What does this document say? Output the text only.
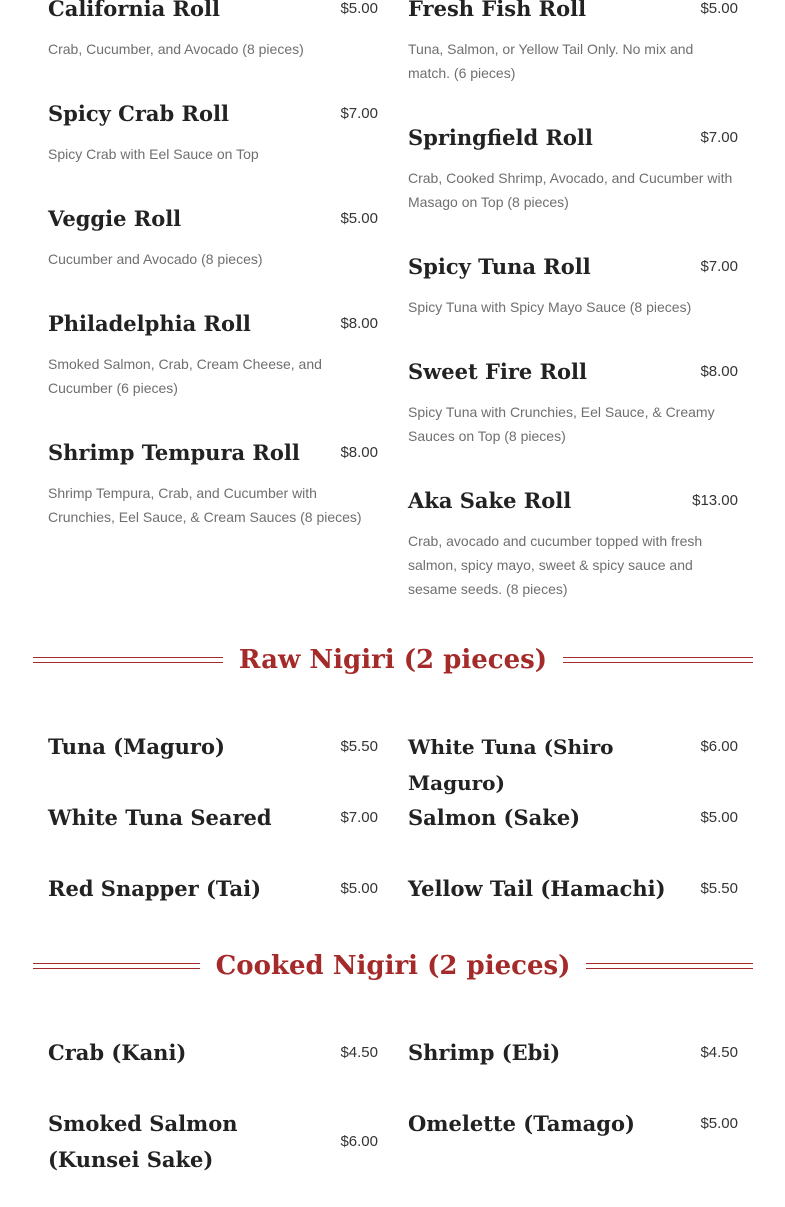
California Roll	$5.00

Crab, Cucumber, and Avocado (8 pieces)

Spicy Crab Roll	$7.00

Spicy Crab with Eel Sauce on Top

Veggie Roll	$5.00

Cucumber and Avocado (8 pieces)

Philadelphia Roll	$8.00

Smoked Salmon, Crab, Cream Cheese, and Cucumber (6 pieces)

Shrimp Tempura Roll	$8.00

Shrimp Tempura, Crab, and Cucumber with Crunchies, Eel Sauce, & Cream Sauces (8 pieces)

Fresh Fish Roll	$5.00

Tuna, Salmon, or Yellow Tail Only. No mix and match. (6 pieces)

Springfield Roll	$7.00

Crab, Cooked Shrimp, Avocado, and Cucumber with Masago on Top (8 pieces)

Spicy Tuna Roll	$7.00

Spicy Tuna with Spicy Mayo Sauce (8 pieces)

Sweet Fire Roll	$8.00

Spicy Tuna with Crunchies, Eel Sauce, & Creamy Sauces on Top (8 pieces)

Aka Sake Roll	$13.00

Crab, avocado and cucumber topped with fresh salmon, spicy mayo, sweet & spicy sauce and sesame seeds. (8 pieces)

Raw Nigiri (2 pieces)
Tuna (Maguro)	$5.50
White Tuna Seared	$7.00
Red Snapper (Tai)	$5.00
White Tuna (Shiro Maguro)
$6.00
Salmon (Sake)	$5.00
Yellow Tail (Hamachi) $5.50
Cooked Nigiri (2 pieces)
Crab (Kani)	$4.50
Smoked Salmon (Kunsei Sake)
$6.00
Shrimp (Ebi)	$4.50
Omelette (Tamago)	$5.00
